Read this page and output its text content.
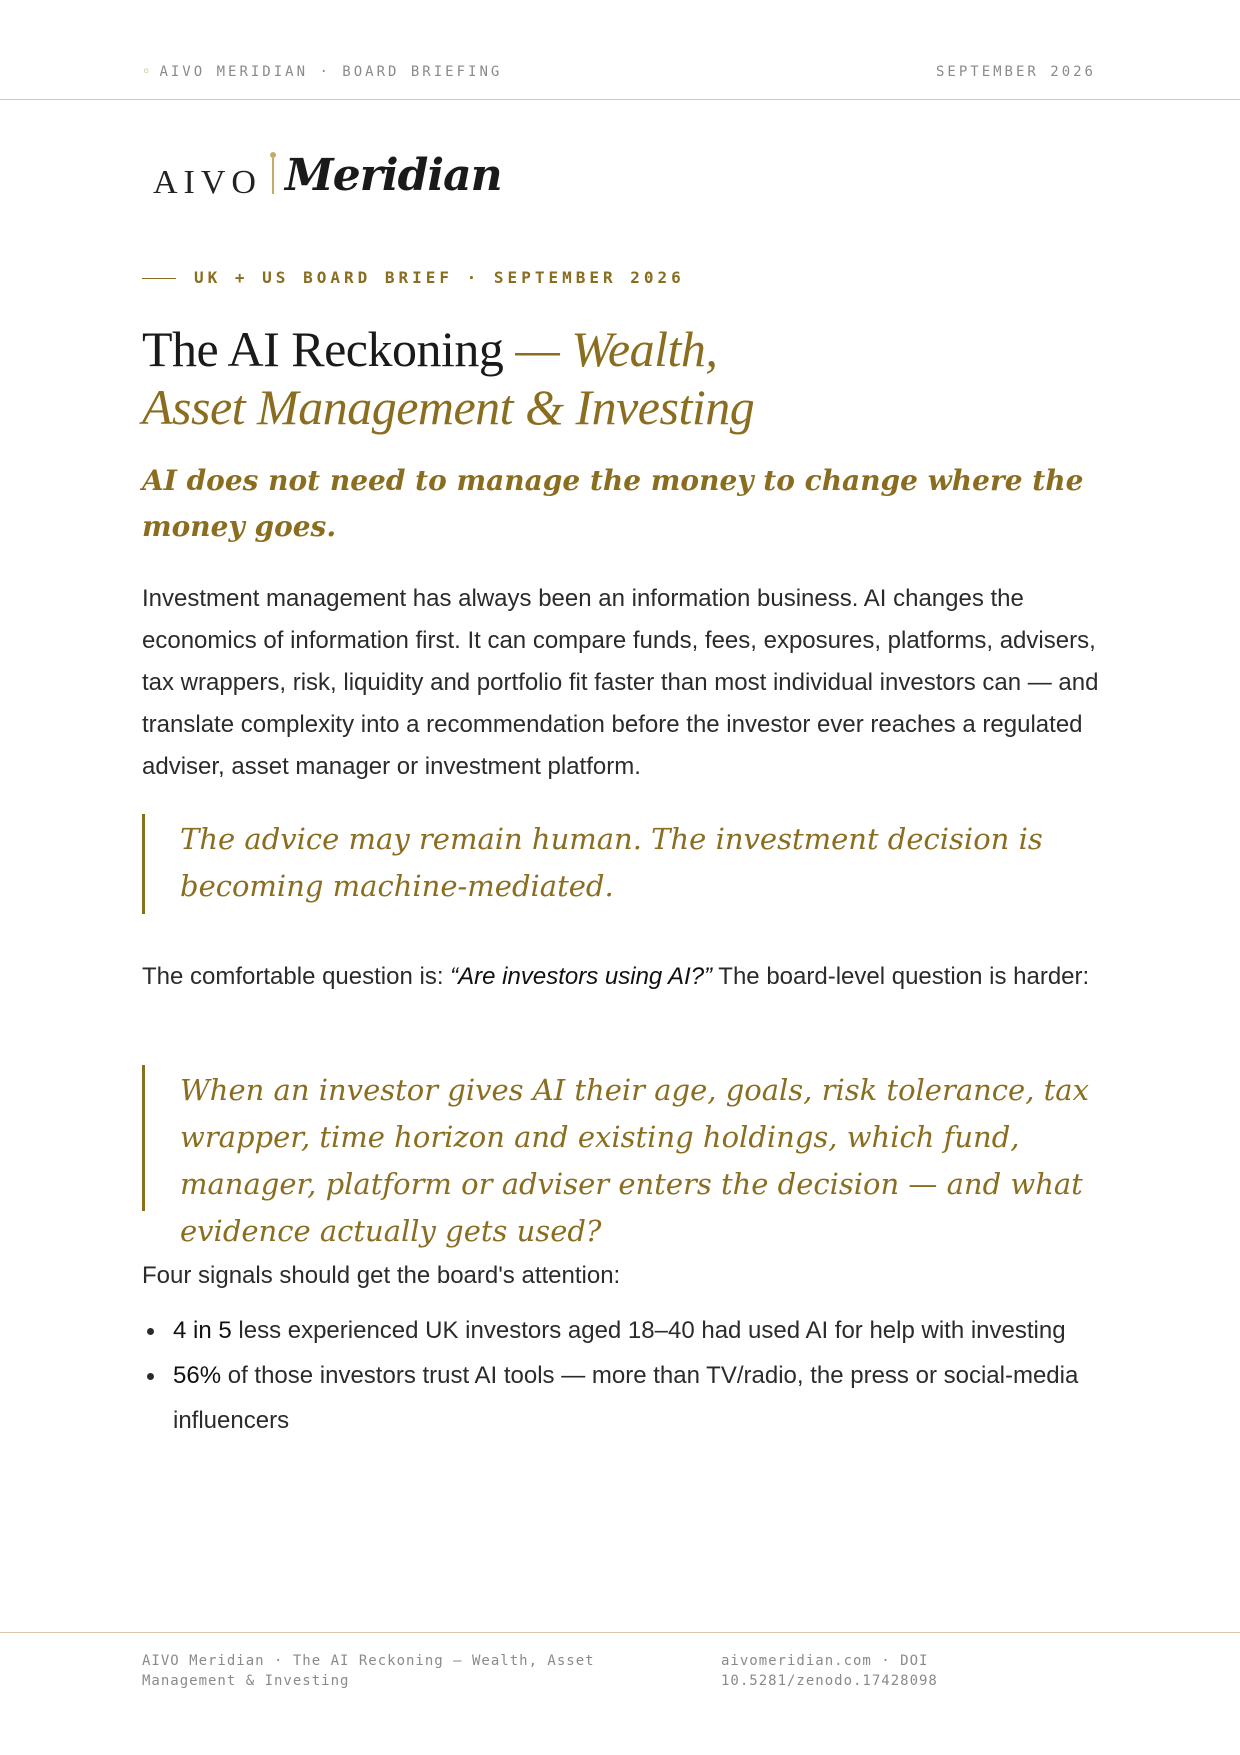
◦ AIVO MERIDIAN · BOARD BRIEFING	SEPTEMBER 2026
AIVO Meridian
UK + US BOARD BRIEF · SEPTEMBER 2026
The AI Reckoning — Wealth,
Asset Management & Investing

AI does not need to manage the money to change where the money goes.

Investment management has always been an information business. AI changes the economics of information first. It can compare funds, fees, exposures, platforms, advisers, tax wrappers, risk, liquidity and portfolio fit faster than most individual investors can — and translate complexity into a recommendation before the investor ever reaches a regulated adviser, asset manager or investment platform.

The advice may remain human. The investment decision is becoming machine-mediated.

The comfortable question is: “Are investors using AI?” The board-level question is harder:

When an investor gives AI their age, goals, risk tolerance, tax wrapper, time horizon and existing holdings, which fund, manager, platform or adviser enters the decision — and what evidence actually gets used?

Four signals should get the board's attention:

4 in 5 less experienced UK investors aged 18–40 had used AI for help with investing
56% of those investors trust AI tools — more than TV/radio, the press or social-media influencers
AIVO Meridian · The AI Reckoning — Wealth, Asset Management & Investing
aivomeridian.com · DOI 10.5281/zenodo.17428098
